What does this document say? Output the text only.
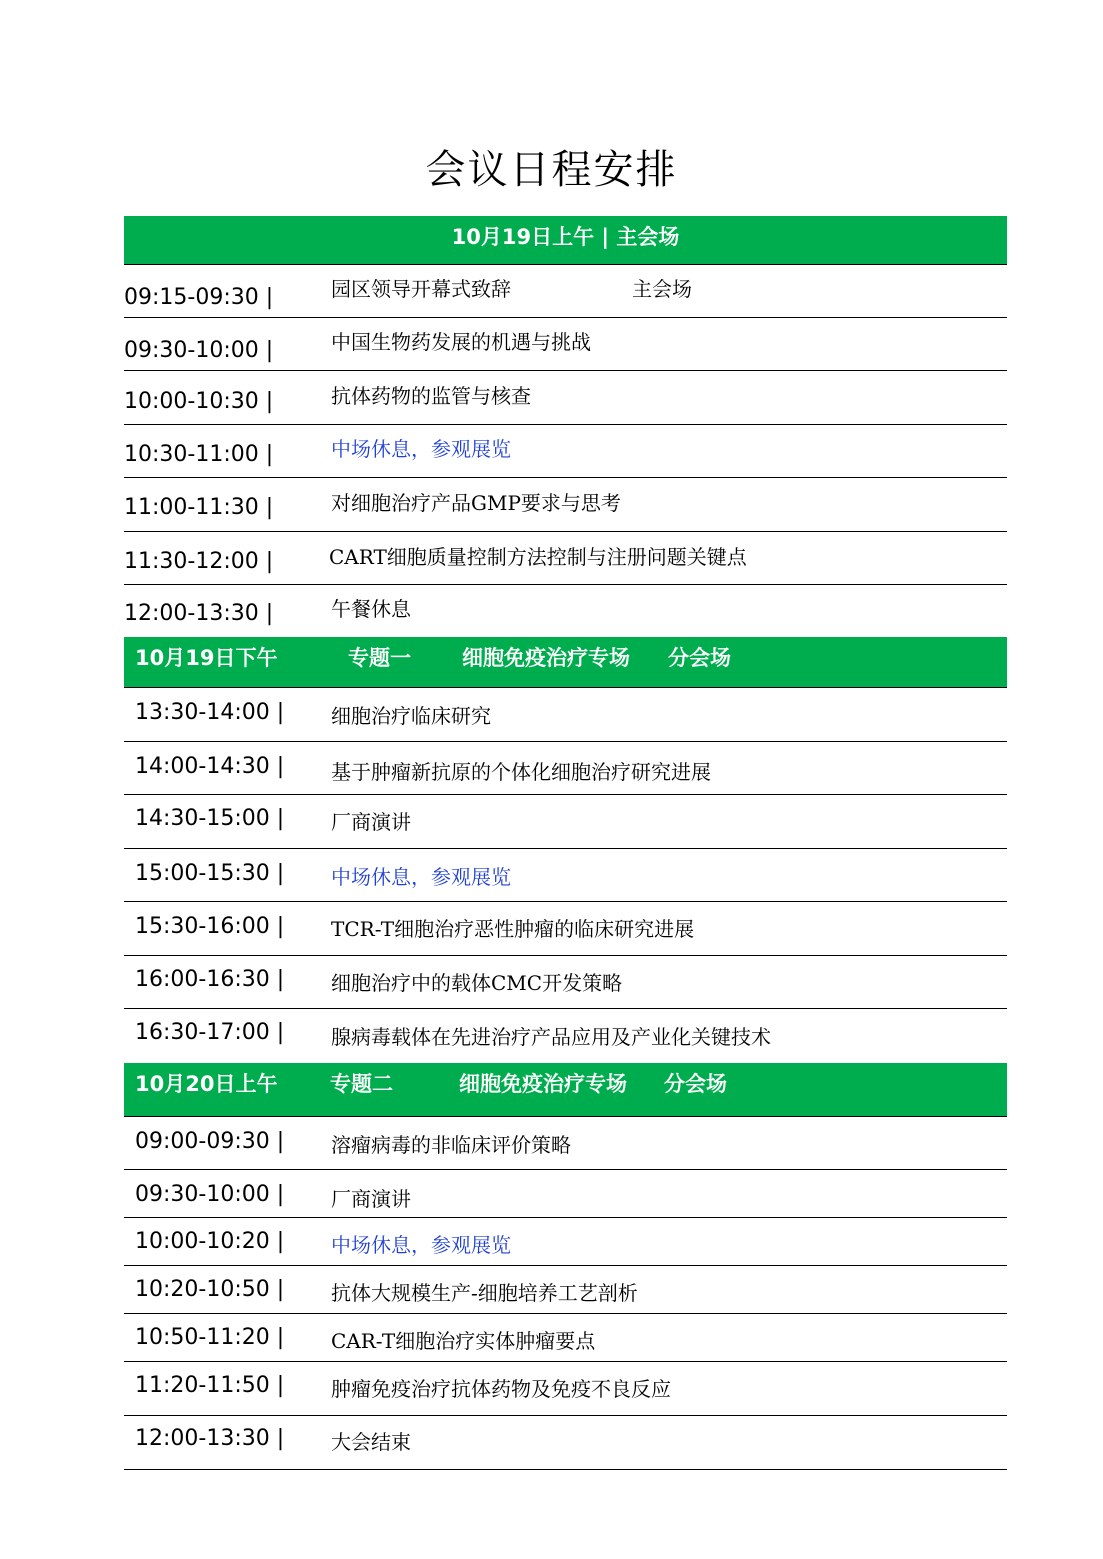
会议日程安排
10月19日上午 | 主会场
09:15-09:30 |	园区领导开幕式致辞	主会场
09:30-10:00 |	中国生物药发展的机遇与挑战
10:00-10:30 |	抗体药物的监管与核查
10:30-11:00 |	中场休息，参观展览
11:00-11:30 |	对细胞治疗产品GMP要求与思考
11:30-12:00 |	CART细胞质量控制方法控制与注册问题关键点
12:00-13:30 |	午餐休息
10月19日下午	专题一 细胞免疫治疗专场 分会场
13:30-14:00 | 细胞治疗临床研究
14:00-14:30 | 基于肿瘤新抗原的个体化细胞治疗研究进展
14:30-15:00 | 厂商演讲
15:00-15:30 | 中场休息，参观展览
15:30-16:00 | TCR-T细胞治疗恶性肿瘤的临床研究进展
16:00-16:30 | 细胞治疗中的载体CMC开发策略
16:30-17:00 | 腺病毒载体在先进治疗产品应用及产业化关键技术
10月20日上午	专题二	细胞免疫治疗专场 分会场
09:00-09:30 | 溶瘤病毒的非临床评价策略
09:30-10:00 | 厂商演讲
10:00-10:20 | 中场休息，参观展览
10:20-10:50 | 抗体大规模生产-细胞培养工艺剖析
10:50-11:20 | CAR-T细胞治疗实体肿瘤要点
11:20-11:50 | 肿瘤免疫治疗抗体药物及免疫不良反应
12:00-13:30 | 大会结束
